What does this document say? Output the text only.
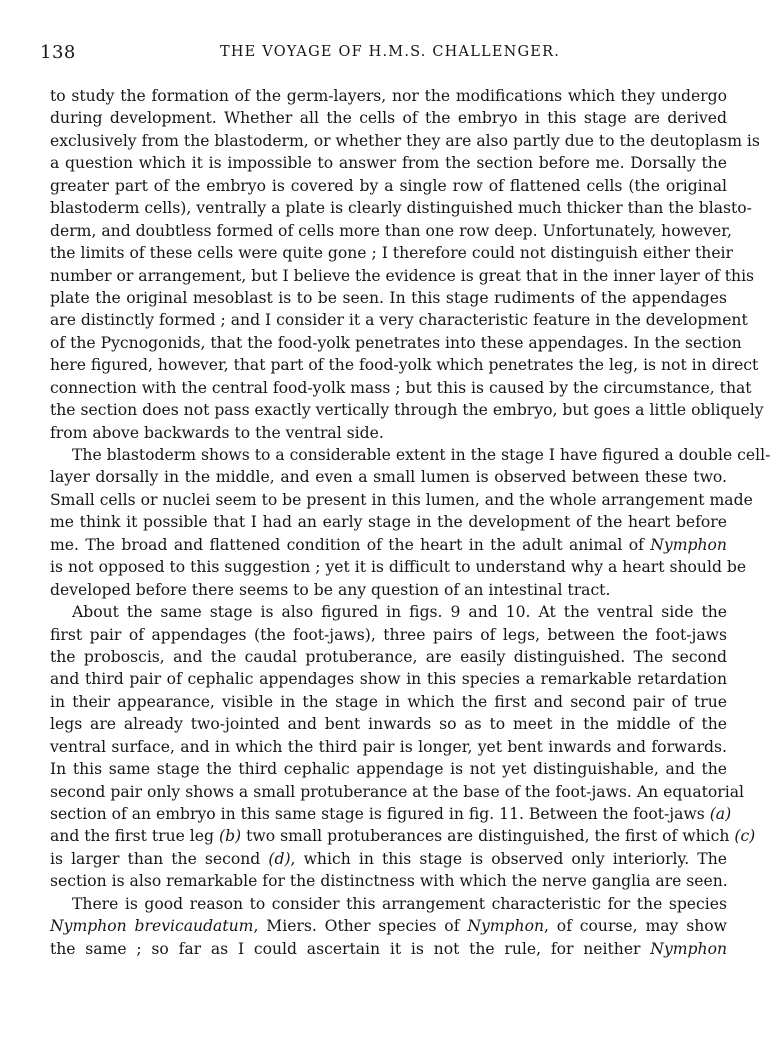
138	THE VOYAGE OF H.M.S. CHALLENGER.
to study the formation of the germ-layers, nor the modifications which they undergo
during development. Whether all the cells of the embryo in this stage are derived
exclusively from the blastoderm, or whether they are also partly due to the deutoplasm is
a question which it is impossible to answer from the section before me. Dorsally the
greater part of the embryo is covered by a single row of flattened cells (the original
blastoderm cells), ventrally a plate is clearly distinguished much thicker than the blasto-
derm, and doubtless formed of cells more than one row deep. Unfortunately, however,
the limits of these cells were quite gone ; I therefore could not distinguish either their
number or arrangement, but I believe the evidence is great that in the inner layer of this
plate the original mesoblast is to be seen. In this stage rudiments of the appendages
are distinctly formed ; and I consider it a very characteristic feature in the development
of the Pycnogonids, that the food-yolk penetrates into these appendages. In the section
here figured, however, that part of the food-yolk which penetrates the leg, is not in direct
connection with the central food-yolk mass ; but this is caused by the circumstance, that
the section does not pass exactly vertically through the embryo, but goes a little obliquely
from above backwards to the ventral side.
The blastoderm shows to a considerable extent in the stage I have figured a double cell-
layer dorsally in the middle, and even a small lumen is observed between these two.
Small cells or nuclei seem to be present in this lumen, and the whole arrangement made
me think it possible that I had an early stage in the development of the heart before
me. The broad and flattened condition of the heart in the adult animal of Nymphon
is not opposed to this suggestion ; yet it is difficult to understand why a heart should be
developed before there seems to be any question of an intestinal tract.
About the same stage is also figured in figs. 9 and 10. At the ventral side the
first pair of appendages (the foot-jaws), three pairs of legs, between the foot-jaws
the proboscis, and the caudal protuberance, are easily distinguished. The second
and third pair of cephalic appendages show in this species a remarkable retardation
in their appearance, visible in the stage in which the first and second pair of true
legs are already two-jointed and bent inwards so as to meet in the middle of the
ventral surface, and in which the third pair is longer, yet bent inwards and forwards.
In this same stage the third cephalic appendage is not yet distinguishable, and the
second pair only shows a small protuberance at the base of the foot-jaws. An equatorial
section of an embryo in this same stage is figured in fig. 11. Between the foot-jaws (a)
and the first true leg (b) two small protuberances are distinguished, the first of which (c)
is larger than the second (d), which in this stage is observed only interiorly. The
section is also remarkable for the distinctness with which the nerve ganglia are seen.
There is good reason to consider this arrangement characteristic for the species
Nymphon brevicaudatum, Miers. Other species of Nymphon, of course, may show
the same ; so far as I could ascertain it is not the rule, for neither Nymphon
